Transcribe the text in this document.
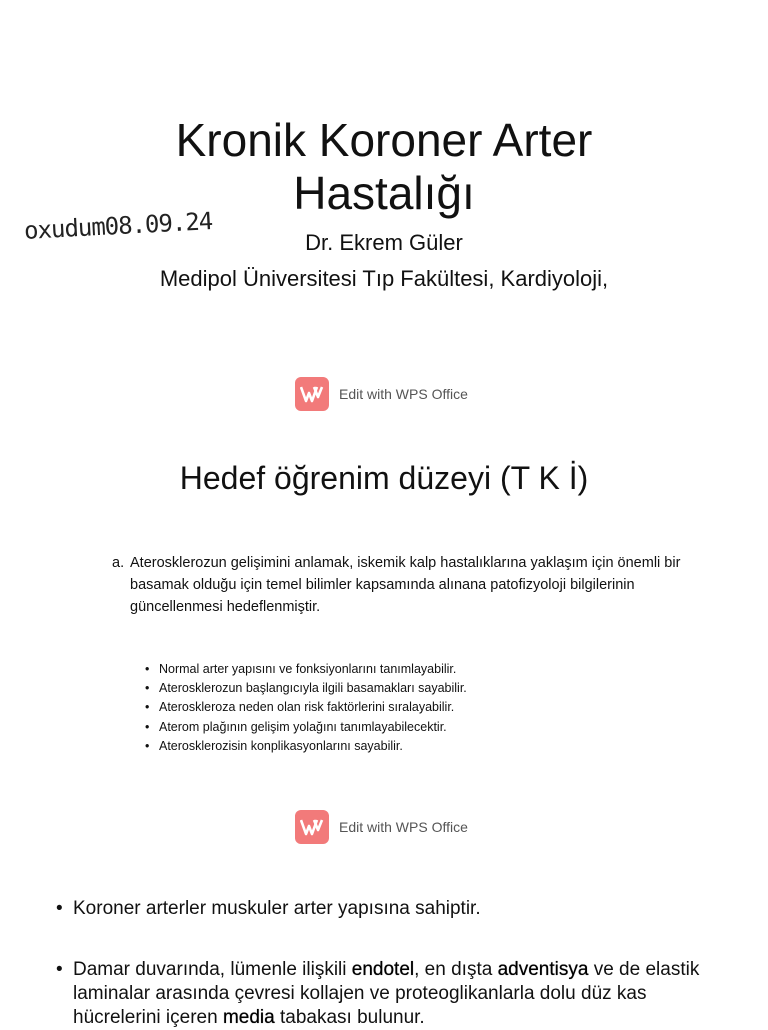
Kronik Koroner Arter
Hastalığı
oxudum08.09.24	Dr. Ekrem Güler
Medipol Üniversitesi Tıp Fakültesi, Kardiyoloji,
Edit with WPS Office
Hedef öğrenim düzeyi (T K İ)
a. Aterosklerozun gelişimini anlamak, iskemik kalp hastalıklarına yaklaşım için önemli bir basamak olduğu için temel bilimler kapsamında alınana patofizyoloji bilgilerinin güncellenmesi hedeflenmiştir.
• Normal arter yapısını ve fonksiyonlarını tanımlayabilir.
• Aterosklerozun başlangıcıyla ilgili basamakları sayabilir.
• Ateroskleroza neden olan risk faktörlerini sıralayabilir.
• Aterom plağının gelişim yolağını tanımlayabilecektir.
• Aterosklerozisin konplikasyonlarını sayabilir.
Edit with WPS Office
• Koroner arterler muskuler arter yapısına sahiptir.
• Damar duvarında, lümenle ilişkili endotel, en dışta adventisya ve de elastik laminalar arasında çevresi kollajen ve proteoglikanlarla dolu düz kas hücrelerini içeren media tabakası bulunur.
